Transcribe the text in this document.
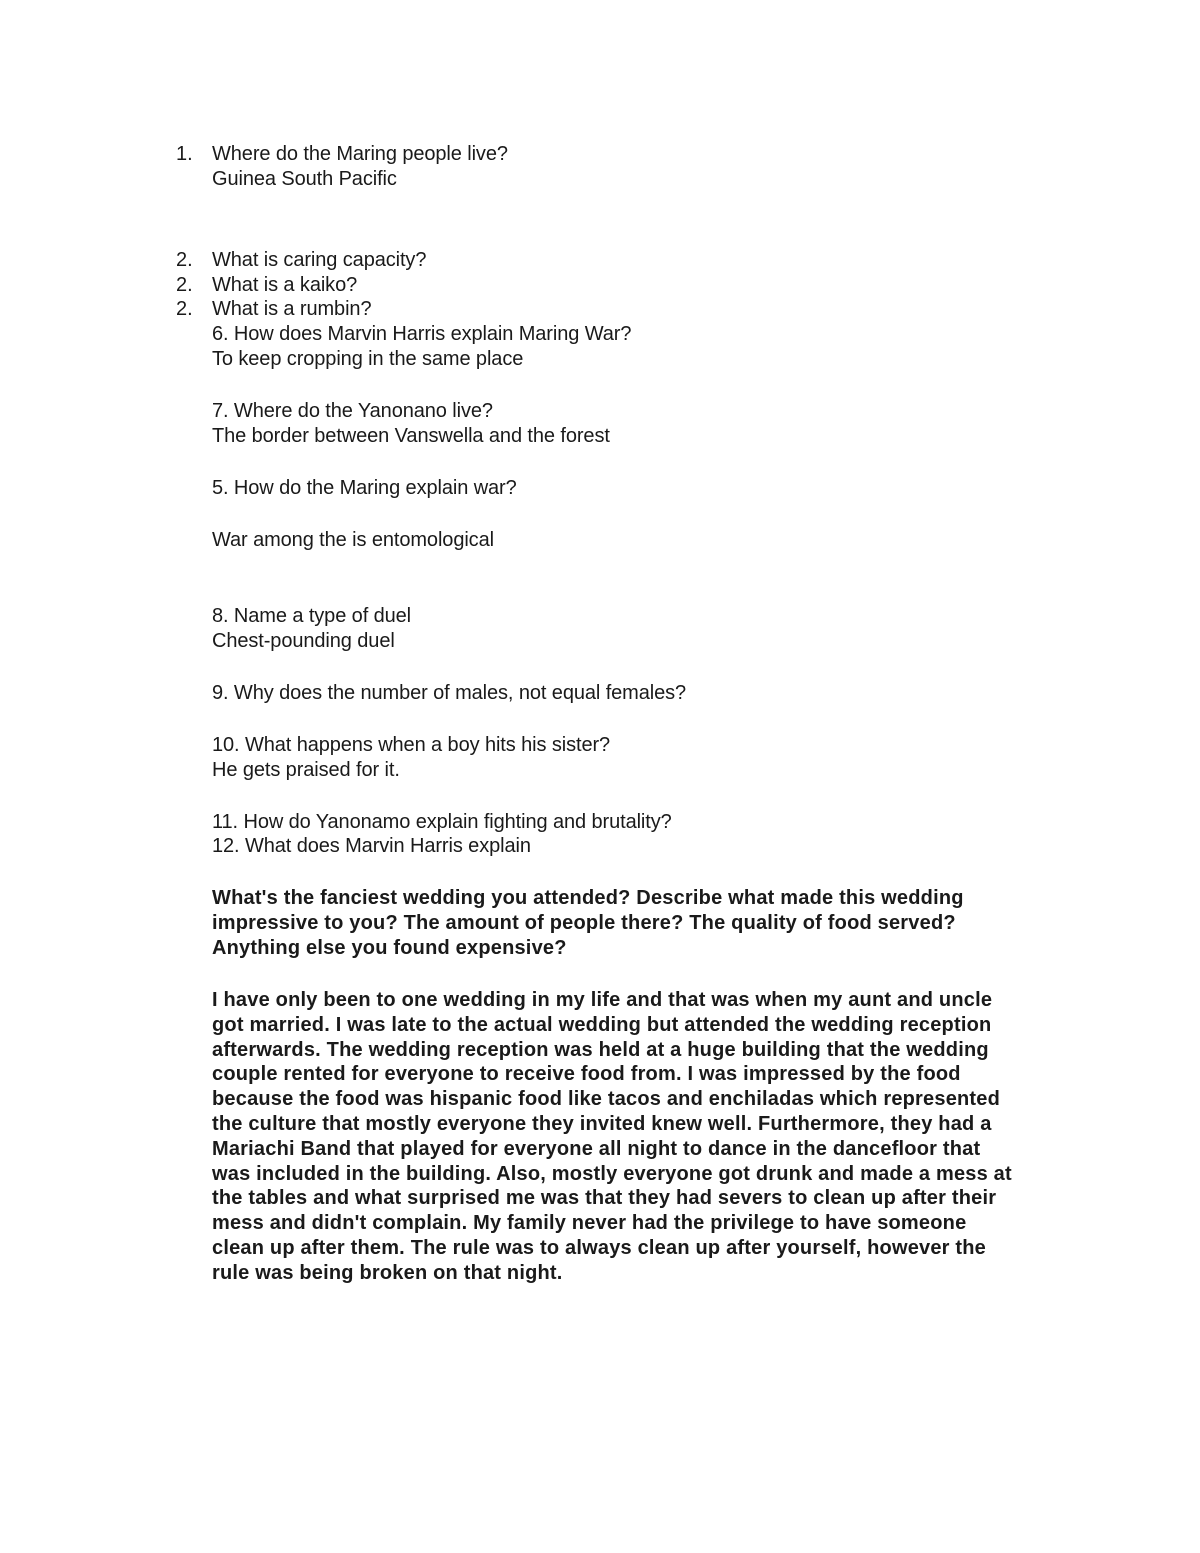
1. Where do the Maring people live?
Guinea South Pacific
2. What is caring capacity?
2. What is a kaiko?
2. What is a rumbin?
6. How does Marvin Harris explain Maring War?
To keep cropping in the same place
7. Where do the Yanonano live?
The border between Vanswella and the forest
5. How do the Maring explain war?
War among the is entomological
8. Name a type of duel
Chest-pounding duel
9. Why does the number of males, not equal females?
10. What happens when a boy hits his sister?
He gets praised for it.
11. How do Yanonamo explain fighting and brutality?
12. What does Marvin Harris explain
What's the fanciest wedding you attended? Describe what made this wedding
impressive to you? The amount of people there? The quality of food served?
Anything else you found expensive?
I have only been to one wedding in my life and that was when my aunt and uncle
got married. I was late to the actual wedding but attended the wedding reception
afterwards. The wedding reception was held at a huge building that the wedding
couple rented for everyone to receive food from. I was impressed by the food
because the food was hispanic food like tacos and enchiladas which represented
the culture that mostly everyone they invited knew well. Furthermore, they had a
Mariachi Band that played for everyone all night to dance in the dancefloor that
was included in the building. Also, mostly everyone got drunk and made a mess at
the tables and what surprised me was that they had severs to clean up after their
mess and didn't complain. My family never had the privilege to have someone
clean up after them. The rule was to always clean up after yourself, however the
rule was being broken on that night.
